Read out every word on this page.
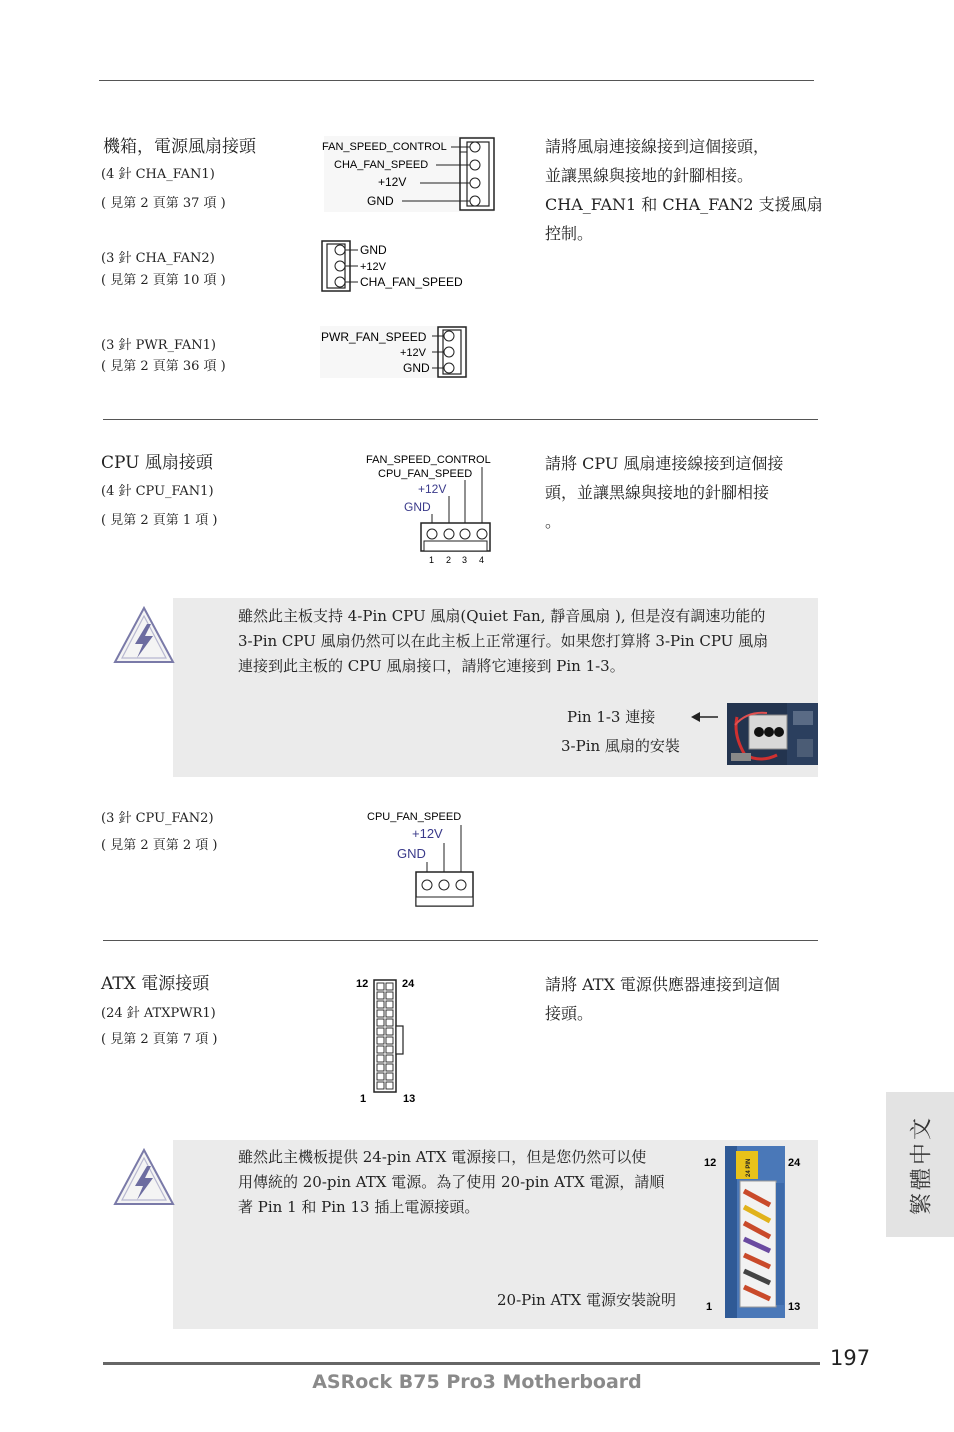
機箱，電源風扇接頭
(4 針 CHA_FAN1)
( 見第 2 頁第 37 項 )
(3 針 CHA_FAN2)
( 見第 2 頁第 10 項 )
(3 針 PWR_FAN1)
( 見第 2 頁第 36 項 )
請將風扇連接線接到這個接頭，
並讓黑線與接地的針腳相接。
CHA_FAN1 和 CHA_FAN2 支援風扇
控制。
FAN_SPEED_CONTROL
CHA_FAN_SPEED
+12V
GND
GND
+12V
CHA_FAN_SPEED
PWR_FAN_SPEED
+12V
GND
CPU 風扇接頭
(4 針 CPU_FAN1)
( 見第 2 頁第 1 項 )
請將 CPU 風扇連接線接到這個接
頭，並讓黑線與接地的針腳相接
。
FAN_SPEED_CONTROL
CPU_FAN_SPEED
+12V
GND
1 2 3 4
雖然此主板支持 4-Pin CPU 風扇(Quiet Fan, 靜音風扇 ), 但是沒有調速功能的
3-Pin CPU 風扇仍然可以在此主板上正常運行。如果您打算將 3-Pin CPU 風扇
連接到此主板的 CPU 風扇接口，請將它連接到 Pin 1-3。
Pin 1-3 連接
3-Pin 風扇的安裝
(3 針 CPU_FAN2)
( 見第 2 頁第 2 項 )
CPU_FAN_SPEED
+12V
GND
ATX 電源接頭
(24 針 ATXPWR1)
( 見第 2 頁第 7 項 )
請將 ATX 電源供應器連接到這個
接頭。
12	24
1	13
雖然此主機板提供 24-pin ATX 電源接口，但是您仍然可以使
用傳統的 20-pin ATX 電源。為了使用 20-pin ATX 電源，請順
著 Pin 1 和 Pin 13 插上電源接頭。
20-Pin ATX 電源安裝說明
12	24
1	13
24 PIN	繁體中文
197
ASRock B75 Pro3 Motherboard
